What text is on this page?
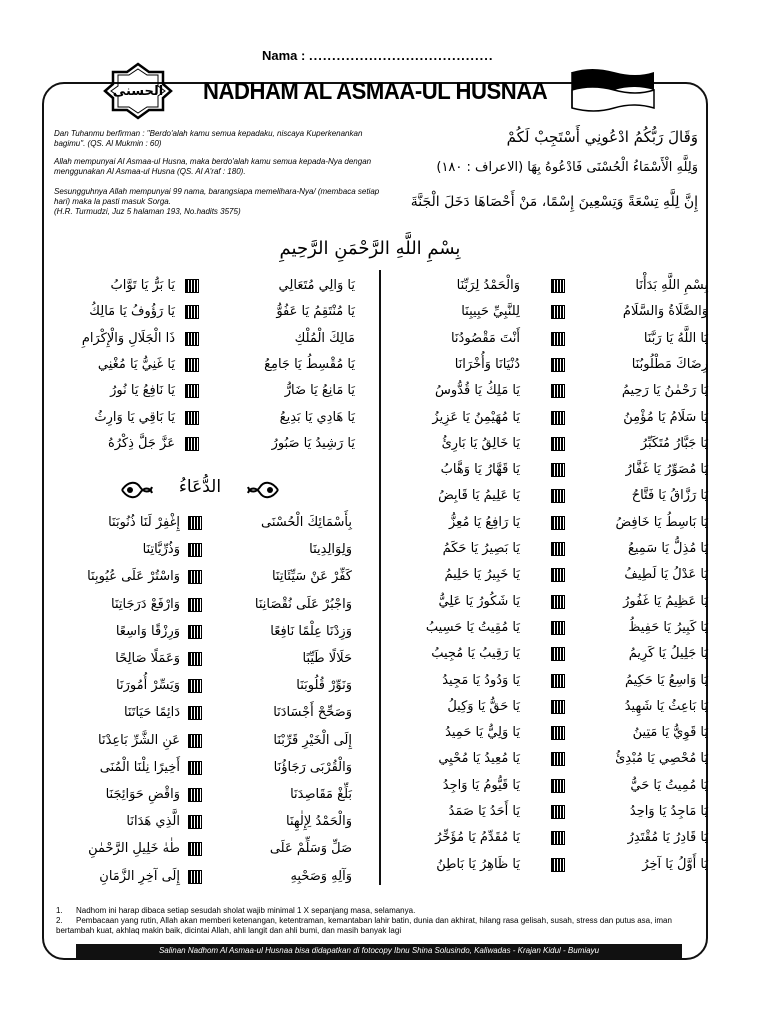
Nama : ........................................
الحسنى NADHAM AL ASMAA-UL HUSNAA
Dan Tuhanmu berfirman : "Berdo'alah kamu semua kepadaku, niscaya Kuperkenankan bagimu". (QS. Al Mukmin : 60)
Allah mempunyai Al Asmaa-ul Husna, maka berdo'alah kamu semua kepada-Nya dengan menggunakan Al Asmaa-ul Husna (QS. Al A'raf : 180).
Sesungguhnya Allah mempunyai 99 nama, barangsiapa memelihara-Nya/ (membaca setiap hari) maka la pasti masuk Sorga.
(H.R. Turmudzi, Juz 5 halaman 193, No.hadits 3575)
وَقَالَ رَبُّكُمُ ادْعُونِي أَسْتَجِبْ لَكُمْ
وَلِلَّهِ الْأَسْمَاءُ الْحُسْنَى فَادْعُوهُ بِهَا (الاعراف : ١٨٠)
إِنَّ لِلَّهِ تِسْعَةً وَتِسْعِينَ إِسْمًا، مَنْ أَحْصَاهَا دَخَلَ الْجَنَّةَ
بِسْمِ اللَّهِ الرَّحْمَنِ الرَّحِيمِ
وَالْحَمْدُ لِرَبِّنَا	بِسْمِ اللَّهِ بَدَأْنَا
لِلنَّبِيِّ حَبِيبِنَا	وَالصَّلَاةُ وَالسَّلَامُ
أَنْتَ مَقْصُودُنَا	يَا اللَّهُ يَا رَبَّنَا
دُنْيَانَا وَأُخْرَانَا	رِضَاكَ مَطْلُوبُنَا
يَا مَلِكُ يَا قُدُّوسُ	يَا رَحْمٰنُ يَا رَحِيمُ
يَا مُهَيْمِنُ يَا عَزِيزُ	يَا سَلَامُ يَا مُؤْمِنُ
يَا خَالِقُ يَا بَارِئُ	يَا جَبَّارُ مُتَكَبِّرُ
يَا قَهَّارُ يَا وَهَّابُ	يَا مُصَوِّرُ يَا غَفَّارُ
يَا عَلِيمُ يَا قَابِضُ	يَا رَزَّاقُ يَا فَتَّاحُ
يَا رَافِعُ يَا مُعِزُّ	يَا بَاسِطُ يَا خَافِضُ
يَا بَصِيرُ يَا حَكَمُ	يَا مُذِلُّ يَا سَمِيعُ
يَا خَبِيرُ يَا حَلِيمُ	يَا عَدْلُ يَا لَطِيفُ
يَا شَكُورُ يَا عَلِيُّ	يَا عَظِيمُ يَا غَفُورُ
يَا مُقِيتُ يَا حَسِيبُ	يَا كَبِيرُ يَا حَفِيظُ
يَا رَقِيبُ يَا مُجِيبُ	يَا جَلِيلُ يَا كَرِيمُ
يَا وَدُودُ يَا مَجِيدُ	يَا وَاسِعُ يَا حَكِيمُ
يَا حَقُّ يَا وَكِيلُ	يَا بَاعِثُ يَا شَهِيدُ
يَا وَلِيُّ يَا حَمِيدُ	يَا قَوِيُّ يَا مَتِينُ
يَا مُعِيدُ يَا مُحْيِي	يَا مُحْصِي يَا مُبْدِئُ
يَا قَيُّومُ يَا وَاجِدُ	يَا مُمِيتُ يَا حَيُّ
يَا أَحَدُ يَا صَمَدُ	يَا مَاجِدُ يَا وَاحِدُ
يَا مُقَدِّمُ يَا مُؤَخِّرُ	يَا قَادِرُ يَا مُقْتَدِرُ
يَا ظَاهِرُ يَا بَاطِنُ	يَا أَوَّلُ يَا آخِرُ
يَا بَرُّ يَا تَوَّابُ	يَا وَالِي مُتَعَالِي
يَا رَؤُوفُ يَا مَالِكُ	يَا مُنْتَقِمُ يَا عَفُوُّ
ذَا الْجَلَالِ وَالْإِكْرَامِ	مَالِكَ الْمُلْكِ
يَا غَنِيُّ يَا مُغْنِي	يَا مُقْسِطُ يَا جَامِعُ
يَا نَافِعُ يَا نُورُ	يَا مَانِعُ يَا ضَارُّ
يَا بَاقِي يَا وَارِثُ	يَا هَادِي يَا بَدِيعُ
عَزَّ جَلَّ ذِكْرُهُ	يَا رَشِيدُ يَا صَبُورُ
الدُّعَاءُ
إِغْفِرْ لَنَا ذُنُوبَنَا	بِأَسْمَائِكَ الْحُسْنَى
وَذُرِّيَّاتِنَا	وَلِوَالِدِينَا
وَاسْتُرْ عَلَى عُيُوبِنَا	كَفِّرْ عَنْ سَيِّئَاتِنَا
وَارْفَعْ دَرَجَاتِنَا	وَاجْبُرْ عَلَى نُقْصَانِنَا
وَرِزْقًا وَاسِعًا	وَزِدْنَا عِلْمًا نَافِعًا
وَعَمَلًا صَالِحًا	حَلَالًا طَيِّبًا
وَيَسِّرْ أُمُورَنَا	وَنَوِّرْ قُلُوبَنَا
دَائِمًا حَيَاتَنَا	وَصَحِّحْ أَجْسَادَنَا
عَنِ الشَّرِّ بَاعِدْنَا	إِلَى الْخَيْرِ قَرِّبْنَا
أَخِيرًا نِلْنَا الْمُنَى	وَالْقُرْبَى رَجَاؤُنَا
وَاقْضِ حَوَائِجَنَا	بَلِّغْ مَقَاصِدَنَا
الَّذِي هَدَانَا	وَالْحَمْدُ لِإِلٰهِنَا
طٰهٰ خَلِيلِ الرَّحْمٰنِ	صَلِّ وَسَلِّمْ عَلَى
إِلَى آخِرِ الزَّمَانِ	وَآلِهِ وَصَحْبِهِ
1. Nadhom ini harap dibaca setiap sesudah sholat wajib minimal 1 X sepanjang masa, selamanya.
2. Pembacaan yang rutin, Allah akan memberi ketenangan, ketentraman, kemantaban lahir batin, dunia dan akhirat, hilang rasa gelisah, susah, stress dan putus asa, iman bertambah kuat, akhlaq makin baik, dicintai Allah, ahli langit dan ahli bumi, dan masih banyak lagi
Salinan Nadhom Al Asmaa-ul Husnaa bisa didapatkan di fotocopy Ibnu Shina Solusindo, Kaliwadas - Krajan Kidul - Bumiayu
